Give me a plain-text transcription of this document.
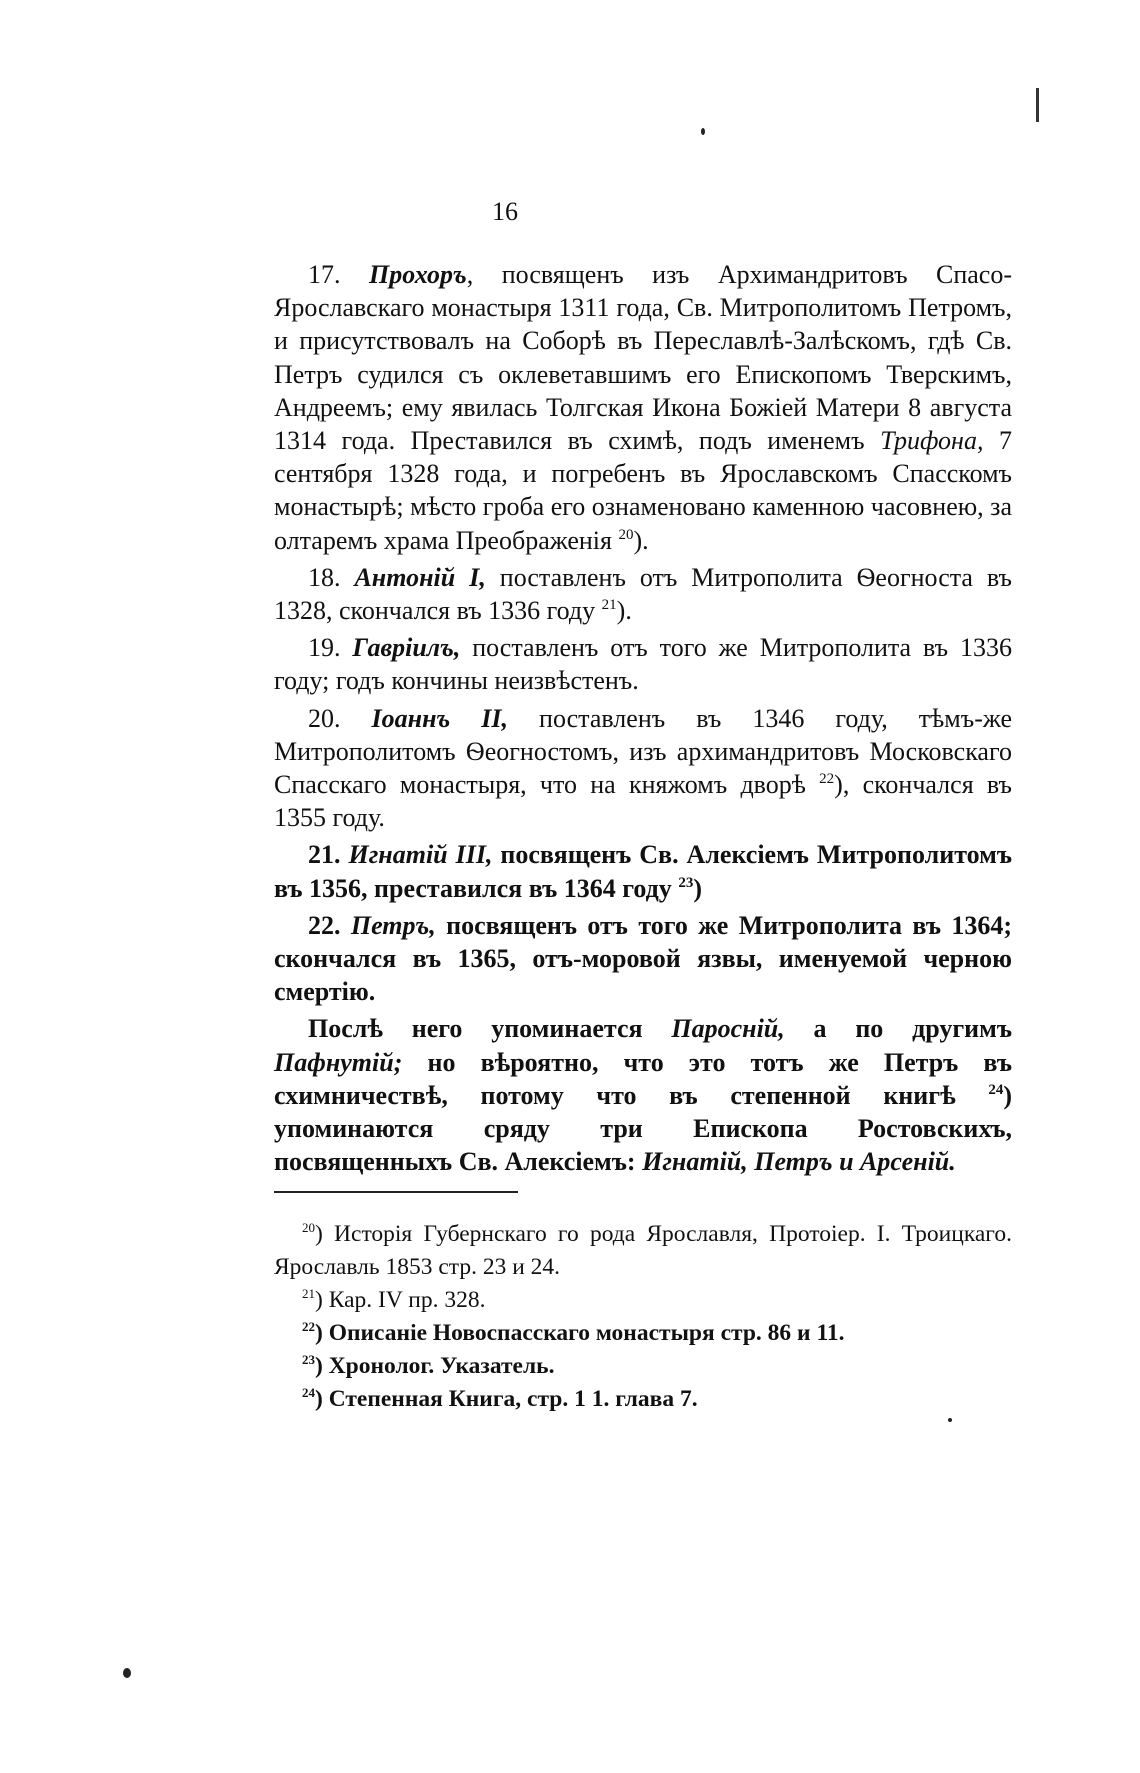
16

17. Прохоръ, посвященъ изъ Архимандритовъ Спасо-Ярославскаго монастыря 1311 года, Св. Митрополитомъ Петромъ, и присутствовалъ на Соборѣ въ Переславлѣ-Залѣскомъ, гдѣ Св. Петръ судился съ оклеветавшимъ его Епископомъ Тверскимъ, Андреемъ; ему явилась Толгская Икона Божіей Матери 8 августа 1314 года. Преставился въ схимѣ, подъ именемъ Трифона, 7 сентября 1328 года, и погребенъ въ Ярославскомъ Спасскомъ монастырѣ; мѣсто гроба его ознаменовано каменною часовнею, за олтаремъ храма Преображенія $^{20}$).

18. Антоній I, поставленъ отъ Митрополита Ѳеогноста въ 1328, скончался въ 1336 году $^{21}$).

19. Гавріилъ, поставленъ отъ того же Митрополита въ 1336 году; годъ кончины неизвѣстенъ.

20. Іоаннъ II, поставленъ въ 1346 году, тѣмъ-же Митрополитомъ Ѳеогностомъ, изъ архимандритовъ Московскаго Спасскаго монастыря, что на княжомъ дворѣ $^{22}$), скончался въ 1355 году.

21. Игнатій III, посвященъ Св. Алексіемъ Митрополитомъ въ 1356, преставился въ 1364 году $^{23}$)

22. Петръ, посвященъ отъ того же Митрополита въ 1364; скончался въ 1365, отъ-моровой язвы, именуемой черною смертію.

Послѣ него упоминается Паросній, а по другимъ Пафнутій; но вѣроятно, что это тотъ же Петръ въ схимничествѣ, потому что въ степенной книгѣ $^{24}$) упоминаются сряду три Епископа Ростовскихъ, посвященныхъ Св. Алексіемъ: Игнатій, Петръ и Арсеній.

$^{20}$) Исторія Губернскаго го рода Ярославля, Протоіер. І. Троицкаго. Ярославль 1853 стр. 23 и 24.

$^{21}$) Кар. IV пр. 328.

$^{22}$) Описаніе Новоспасскаго монастыря стр. 86 и 11.

$^{23}$) Хронолог. Указатель.

$^{24}$) Степенная Книга, стр. 1 1. глава 7.
